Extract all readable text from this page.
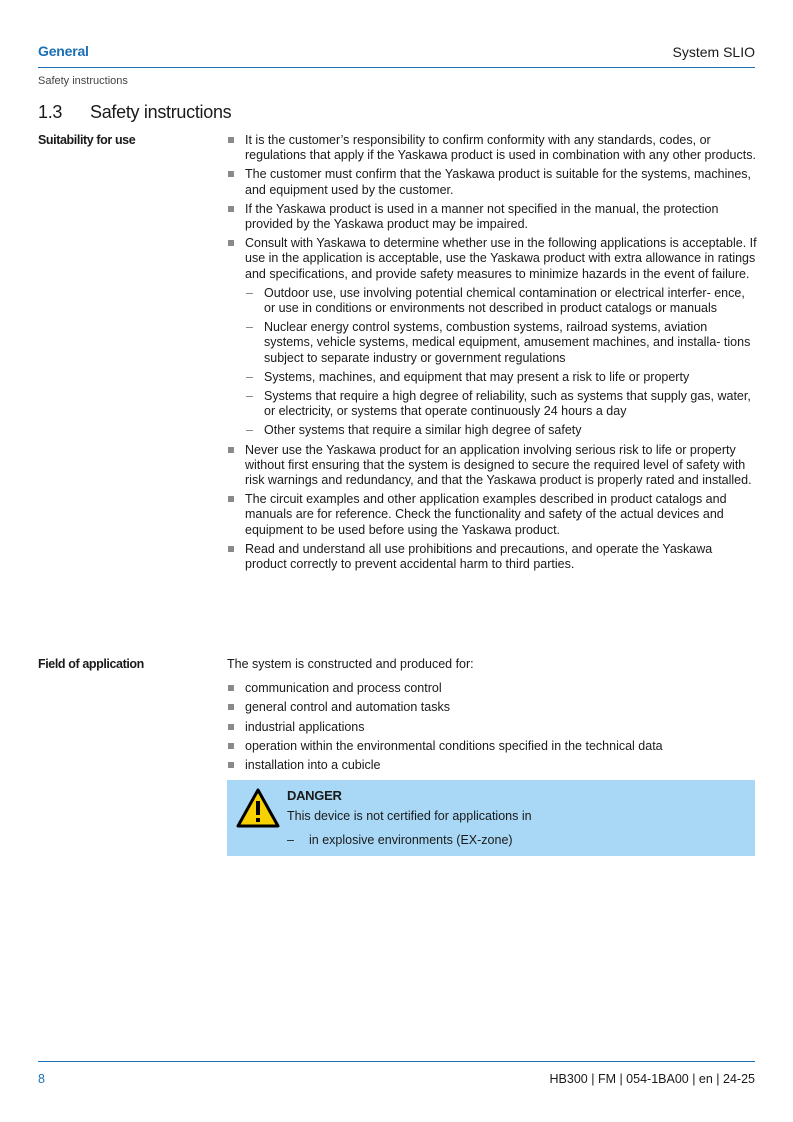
General	System SLIO
Safety instructions
1.3 Safety instructions
Suitability for use	It is the customer’s responsibility to confirm conformity with any standards, codes, or regulations that apply if the Yaskawa product is used in combination with any other products.
The customer must confirm that the Yaskawa product is suitable for the systems, machines, and equipment used by the customer.
If the Yaskawa product is used in a manner not specified in the manual, the protection provided by the Yaskawa product may be impaired.
Consult with Yaskawa to determine whether use in the following applications is acceptable. If use in the application is acceptable, use the Yaskawa product with extra allowance in ratings and specifications, and provide safety measures to minimize hazards in the event of failure.
– Outdoor use, use involving potential chemical contamination or electrical interfer- ence, or use in conditions or environments not described in product catalogs or manuals
– Nuclear energy control systems, combustion systems, railroad systems, aviation systems, vehicle systems, medical equipment, amusement machines, and installa- tions subject to separate industry or government regulations
– Systems, machines, and equipment that may present a risk to life or property
– Systems that require a high degree of reliability, such as systems that supply gas, water, or electricity, or systems that operate continuously 24 hours a day
– Other systems that require a similar high degree of safety
Never use the Yaskawa product for an application involving serious risk to life or property without first ensuring that the system is designed to secure the required level of safety with risk warnings and redundancy, and that the Yaskawa product is properly rated and installed.
The circuit examples and other application examples described in product catalogs and manuals are for reference. Check the functionality and safety of the actual devices and equipment to be used before using the Yaskawa product.
Read and understand all use prohibitions and precautions, and operate the Yaskawa product correctly to prevent accidental harm to third parties.
Field of application	The system is constructed and produced for:
communication and process control
general control and automation tasks
industrial applications
operation within the environmental conditions specified in the technical data
installation into a cubicle
DANGER
This device is not certified for applications in
– in explosive environments (EX-zone)
8	HB300 | FM | 054-1BA00 | en | 24-25
